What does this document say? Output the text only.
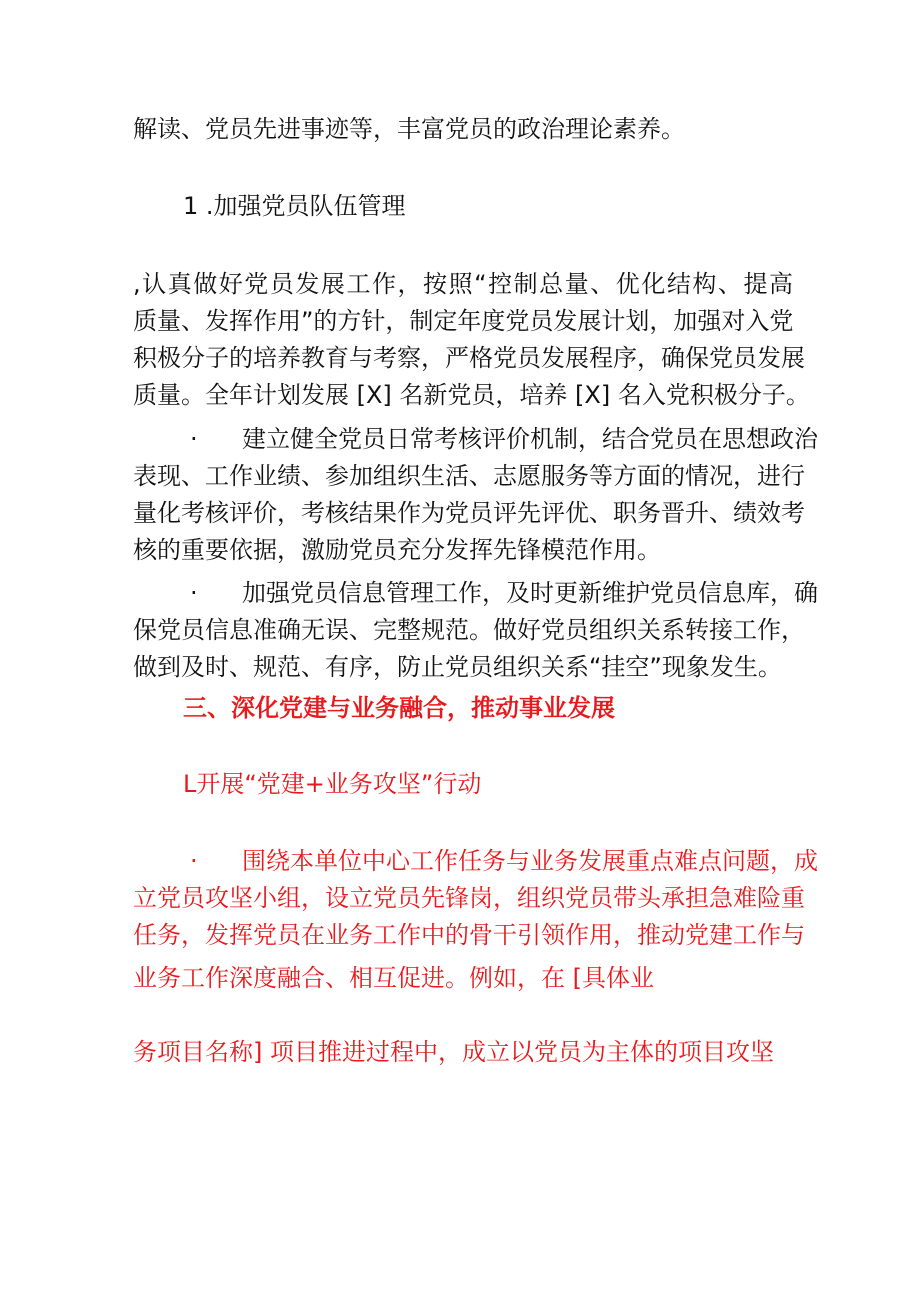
解读、党员先进事迹等，丰富党员的政治理论素养。
1 .加强党员队伍管理
,认真做好党员发展工作，按照“控制总量、优化结构、提高
质量、发挥作用”的方针，制定年度党员发展计划，加强对入党
积极分子的培养教育与考察，严格党员发展程序，确保党员发展
质量。全年计划发展 [X] 名新党员，培养 [X] 名入党积极分子。
· 建立健全党员日常考核评价机制，结合党员在思想政治
表现、工作业绩、参加组织生活、志愿服务等方面的情况，进行
量化考核评价，考核结果作为党员评先评优、职务晋升、绩效考
核的重要依据，激励党员充分发挥先锋模范作用。
· 加强党员信息管理工作，及时更新维护党员信息库，确
保党员信息准确无误、完整规范。做好党员组织关系转接工作，
做到及时、规范、有序，防止党员组织关系“挂空”现象发生。
三、深化党建与业务融合，推动事业发展
L开展“党建+业务攻坚”行动
· 围绕本单位中心工作任务与业务发展重点难点问题，成
立党员攻坚小组，设立党员先锋岗，组织党员带头承担急难险重
任务，发挥党员在业务工作中的骨干引领作用，推动党建工作与
业务工作深度融合、相互促进。例如，在 [具体业
务项目名称] 项目推进过程中，成立以党员为主体的项目攻坚
